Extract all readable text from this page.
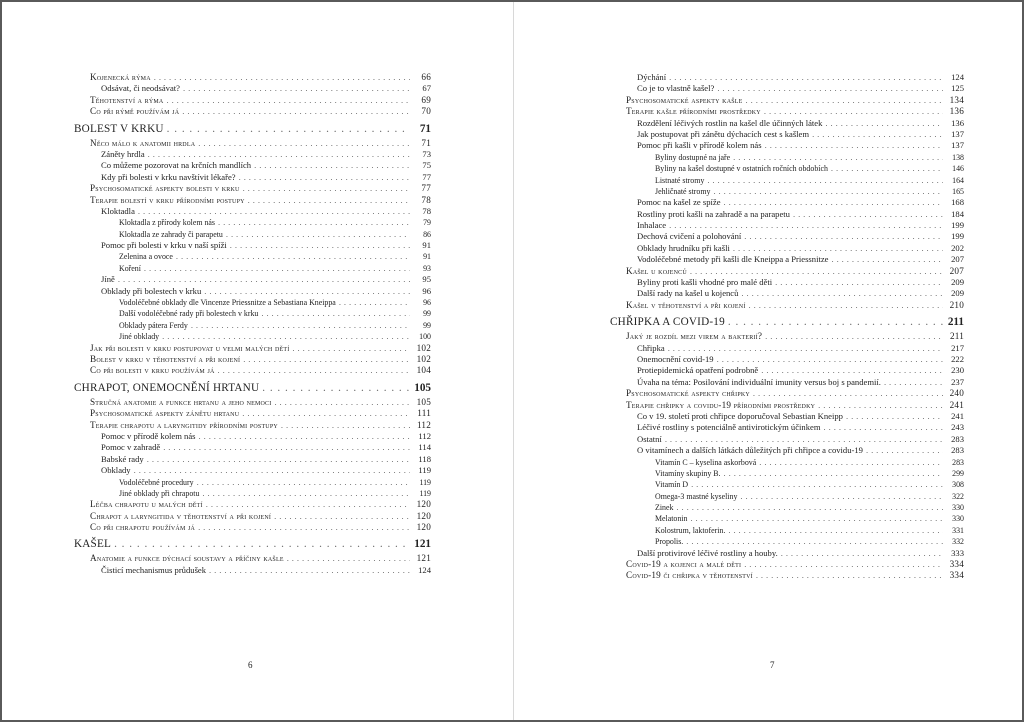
Kojenecká rýma . . .	66
Odsávat, či neodsávat? . . .	67
Těhotenství a rýma . . .	69
Co při rýmě používám já . . .	70
BOLEST V KRKU . . .	71
Něco málo k anatomii hrdla . . .	71
Záněty hrdla . . .	73
Co můžeme pozorovat na krčních mandlích . . .	75
Kdy při bolesti v krku navštívit lékaře? . . .	77
Psychosomatické aspekty bolesti v krku . . .	77
Terapie bolestí v krku přírodními postupy . . .	78
Kloktadla . . .	78
Kloktadla z přírody kolem nás . . .	79
Kloktadla ze zahrady či parapetu . . .	86
Pomoc při bolesti v krku v naší spíži . . .	91
Zelenina a ovoce . . .	91
Koření . . .	93
Jíně . . .	95
Obklady při bolestech v krku . . .	96
Vodoléčebné obklady dle Vincenze Priessnitze a Sebastiana Kneippa . . .	96
Další vodoléčebné rady při bolestech v krku . . .	99
Obklady pátera Ferdy . . .	99
Jiné obklady . . .	100
Jak při bolesti v krku postupovat u velmi malých dětí . . .	102
Bolest v krku v těhotenství a při kojení . . .	102
Co při bolesti v krku používám já . . .	104
CHRAPOT, ONEMOCNĚNÍ HRTANU . . .	105
Stručná anatomie a funkce hrtanu a jeho nemoci . . .	105
Psychosomatické aspekty zánětu hrtanu . . .	111
Terapie chrapotu a laryngitidy přírodními postupy . . .	112
Pomoc v přírodě kolem nás . . .	112
Pomoc v zahradě . . .	114
Babské rady . . .	118
Obklady . . .	119
Vodoléčebné procedury . . .	119
Jiné obklady při chrapotu . . .	119
Léčba chrapotu u malých dětí . . .	120
Chrapot a laryngitida v těhotenství a při kojení . . .	120
Co při chrapotu používám já . . .	120
KAŠEL . . .	121
Anatomie a funkce dýchací soustavy a příčiny kašle . . .	121
Čisticí mechanismus průdušek . . .	124
6
Dýchání . . .	124
Co je to vlastně kašel? . . .	125
Psychosomatické aspekty kašle . . .	134
Terapie kašle přírodními prostředky . . .	136
Rozdělení léčivých rostlin na kašel dle účinných látek . . .	136
Jak postupovat při zánětu dýchacích cest s kašlem . . .	137
Pomoc při kašli v přírodě kolem nás . . .	137
Byliny dostupné na jaře . . .	138
Byliny na kašel dostupné v ostatních ročních obdobích . . .	146
Listnaté stromy . . .	164
Jehličnaté stromy . . .	165
Pomoc na kašel ze spíže . . .	168
Rostliny proti kašli na zahradě a na parapetu . . .	184
Inhalace . . .	199
Dechová cvičení a polohování . . .	199
Obklady hrudníku při kašli . . .	202
Vodoléčebné metody při kašli dle Kneippa a Priessnitze . . .	207
Kašel u kojenců . . .	207
Byliny proti kašli vhodné pro malé děti . . .	209
Další rady na kašel u kojenců . . .	209
Kašel v těhotenství a při kojení . . .	210
CHŘIPKA A COVID-19 . . .	211
Jaký je rozdíl mezi virem a bakterií? . . .	211
Chřipka . . .	217
Onemocnění covid-19 . . .	222
Protiepidemická opatření podrobně . . .	230
Úvaha na téma: Posilování individuální imunity versus boj s pandemií. . . .	237
Psychosomatické aspekty chřipky . . .	240
Terapie chřipky a covidu-19 přírodními prostředky . . .	241
Co v 19. století proti chřipce doporučoval Sebastian Kneipp . . .	241
Léčivé rostliny s potenciálně antivirotickým účinkem . . .	243
Ostatní . . .	283
O vitamínech a dalších látkách důležitých při chřipce a covidu-19 . . .	283
Vitamín C – kyselina askorbová . . .	283
Vitamíny skupiny B. . . .	299
Vitamín D . . .	308
Omega-3 mastné kyseliny . . .	322
Zinek . . .	330
Melatonin . . .	330
Kolostrum, laktoferin. . . .	331
Propolis. . . .	332
Další protivirové léčivé rostliny a houby. . . .	333
Covid-19 a kojenci a malé děti . . .	334
Covid-19 či chřipka v těhotenství . . .	334
7
